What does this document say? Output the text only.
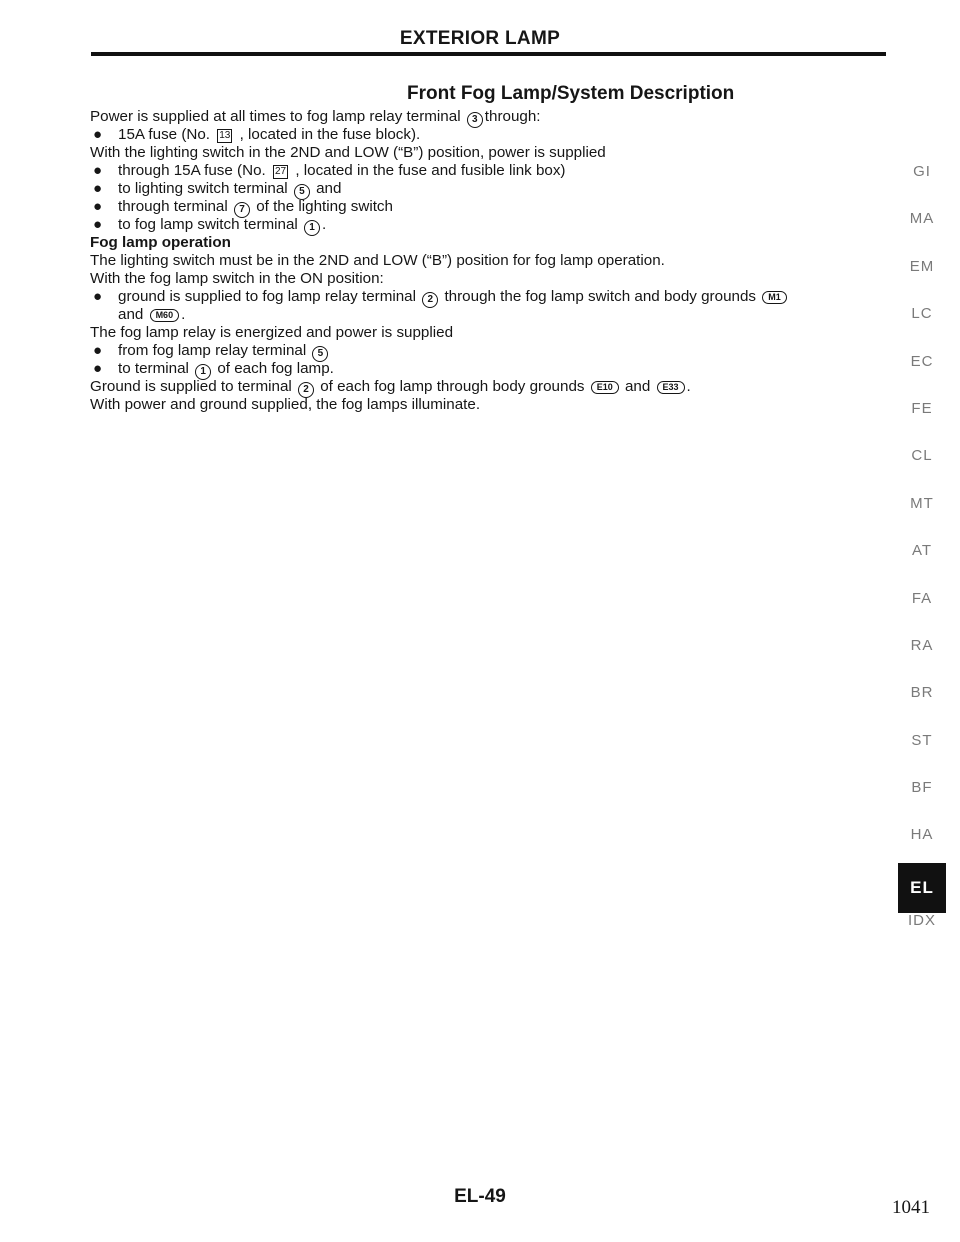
EXTERIOR LAMP
Front Fog Lamp/System Description
Power is supplied at all times to fog lamp relay terminal 3 through:
● 15A fuse (No. 13 , located in the fuse block).
With the lighting switch in the 2ND and LOW (“B”) position, power is supplied
● through 15A fuse (No. 27 , located in the fuse and fusible link box)
● to lighting switch terminal 5 and
● through terminal 7 of the lighting switch
● to fog lamp switch terminal 1 .
Fog lamp operation
The lighting switch must be in the 2ND and LOW (“B”) position for fog lamp operation.
With the fog lamp switch in the ON position:
● ground is supplied to fog lamp relay terminal 2 through the fog lamp switch and body grounds M1
and M60 .
The fog lamp relay is energized and power is supplied
● from fog lamp relay terminal 5
● to terminal 1 of each fog lamp.
Ground is supplied to terminal 2 of each fog lamp through body grounds E10 and E33 .
With power and ground supplied, the fog lamps illuminate.
GI
MA
EM
LC
EC
FE
CL
MT
AT
FA
RA
BR
ST
BF
HA
EL
IDX
EL-49
1041
